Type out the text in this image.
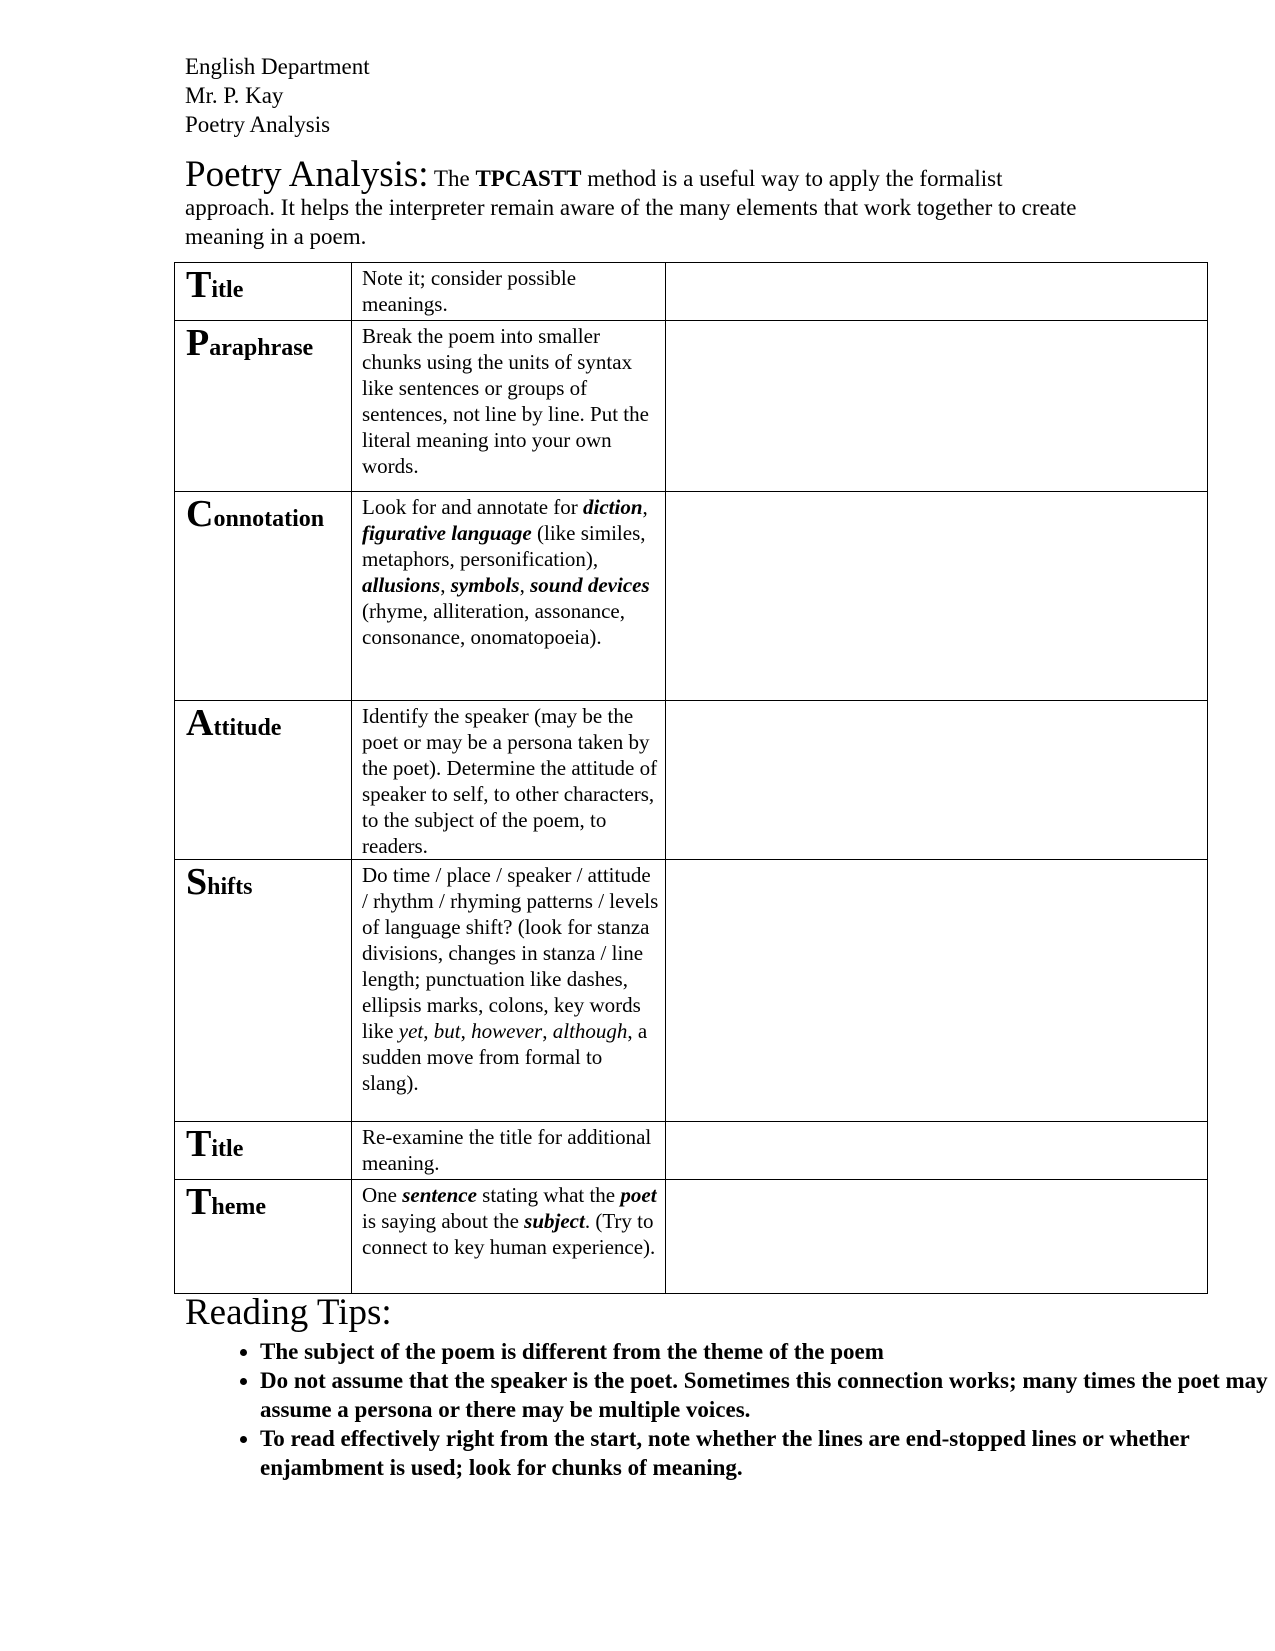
English Department
Mr. P. Kay
Poetry Analysis
Poetry Analysis: The TPCASTT method is a useful way to apply the formalist approach. It helps the interpreter remain aware of the many elements that work together to create meaning in a poem.
Title	Note it; consider possible meanings.	
Paraphrase	Break the poem into smaller chunks using the units of syntax like sentences or groups of sentences, not line by line. Put the literal meaning into your own words.	
Connotation	Look for and annotate for diction, figurative language (like similes, metaphors, personification), allusions, symbols, sound devices (rhyme, alliteration, assonance, consonance, onomatopoeia).	
Attitude	Identify the speaker (may be the poet or may be a persona taken by the poet). Determine the attitude of speaker to self, to other characters, to the subject of the poem, to readers.	
Shifts	Do time / place / speaker / attitude / rhythm / rhyming patterns / levels of language shift? (look for stanza divisions, changes in stanza / line length; punctuation like dashes, ellipsis marks, colons, key words like yet, but, however, although, a sudden move from formal to slang).	
Title	Re-examine the title for additional meaning.	
Theme	One sentence stating what the poet is saying about the subject. (Try to connect to key human experience).	
Reading Tips:
• The subject of the poem is different from the theme of the poem
• Do not assume that the speaker is the poet. Sometimes this connection works; many times the poet may assume a persona or there may be multiple voices.
• To read effectively right from the start, note whether the lines are end-stopped lines or whether enjambment is used; look for chunks of meaning.
